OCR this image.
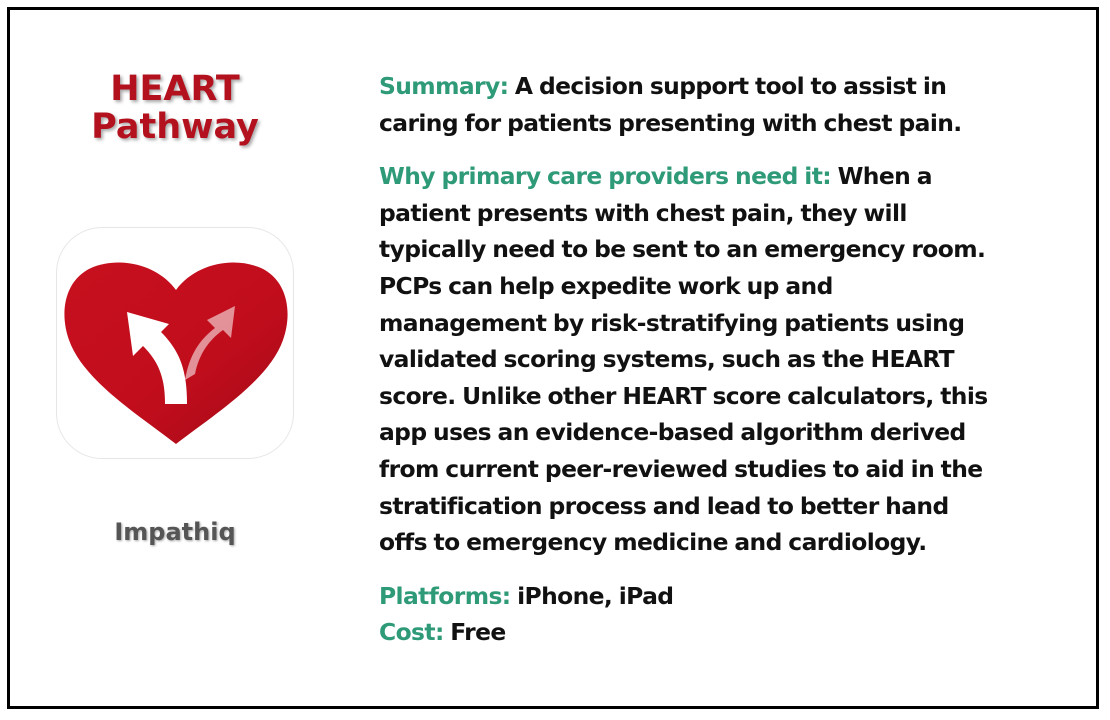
HEART
Pathway
Impathiq

Summary: A decision support tool to assist in
caring for patients presenting with chest pain.

Why primary care providers need it: When a
patient presents with chest pain, they will
typically need to be sent to an emergency room.
PCPs can help expedite work up and
management by risk-stratifying patients using
validated scoring systems, such as the HEART
score. Unlike other HEART score calculators, this
app uses an evidence-based algorithm derived
from current peer-reviewed studies to aid in the
stratification process and lead to better hand
offs to emergency medicine and cardiology.

Platforms: iPhone, iPad
Cost: Free
